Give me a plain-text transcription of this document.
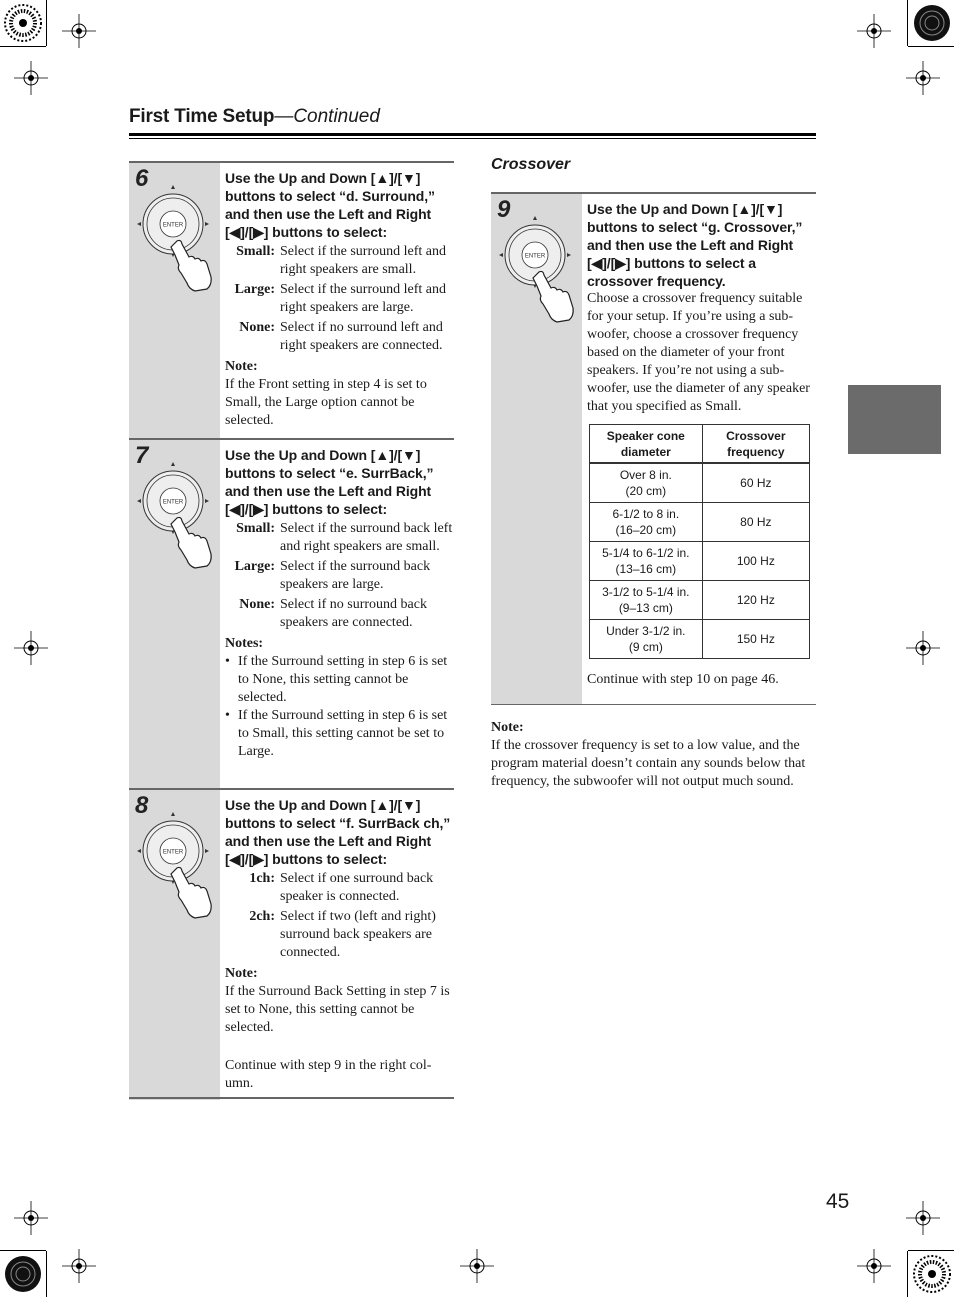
First Time Setup—Continued
6
ENTER
Use the Up and Down [▲]/[▼] buttons to select “d. Surround,” and then use the Left and Right [◀]/[▶] buttons to select:
Small: Select if the surround left and right speakers are small.
Large: Select if the surround left and right speakers are large.
None: Select if no surround left and right speakers are connected.
Note:
If the Front setting in step 4 is set to Small, the Large option cannot be selected.
7
ENTER
Use the Up and Down [▲]/[▼] buttons to select “e. SurrBack,” and then use the Left and Right [◀]/[▶] buttons to select:
Small: Select if the surround back left and right speakers are small.
Large: Select if the surround back speakers are large.
None: Select if no surround back speakers are connected.
Notes:
• If the Surround setting in step 6 is set to None, this setting cannot be selected.
• If the Surround setting in step 6 is set to Small, this setting cannot be set to Large.
8
ENTER
Use the Up and Down [▲]/[▼] buttons to select “f. SurrBack ch,” and then use the Left and Right [◀]/[▶] buttons to select:
1ch: Select if one surround back speaker is connected.
2ch: Select if two (left and right) surround back speakers are connected.
Note:
If the Surround Back Setting in step 7 is set to None, this setting cannot be selected.
Continue with step 9 in the right col-umn.
Crossover
9
ENTER
Use the Up and Down [▲]/[▼] buttons to select “g. Crossover,” and then use the Left and Right [◀]/[▶] buttons to select a crossover frequency.
Choose a crossover frequency suitable for your setup. If you’re using a sub-woofer, choose a crossover frequency based on the diameter of your front speakers. If you’re not using a sub-woofer, use the diameter of any speaker that you specified as Small.
Speaker cone diameter	Crossover frequency
Over 8 in.
(20 cm)	60 Hz
6-1/2 to 8 in.
(16–20 cm)	80 Hz
5-1/4 to 6-1/2 in.
(13–16 cm)	100 Hz
3-1/2 to 5-1/4 in.
(9–13 cm)	120 Hz
Under 3-1/2 in.
(9 cm)	150 Hz
Continue with step 10 on page 46.
Note:
If the crossover frequency is set to a low value, and the program material doesn’t contain any sounds below that frequency, the subwoofer will not output much sound.
45
